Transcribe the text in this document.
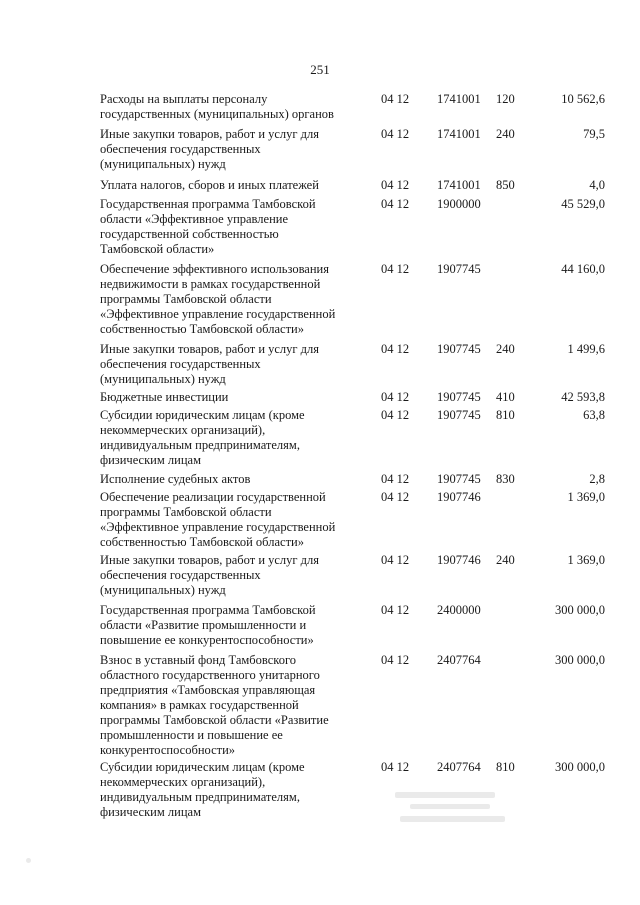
251
Расходы на выплаты персоналу
государственных (муниципальных) органов
04 12 1741001 120	10 562,6
Иные закупки товаров, работ и услуг для
обеспечения государственных
(муниципальных) нужд
04 12 1741001 240	79,5
Уплата налогов, сборов и иных платежей	04 12 1741001 850	4,0
Государственная программа Тамбовской
области «Эффективное управление
государственной собственностью
Тамбовской области»
04 12 1900000	45 529,0
Обеспечение эффективного использования
недвижимости в рамках государственной
программы Тамбовской области
«Эффективное управление государственной
собственностью Тамбовской области»
04 12 1907745	44 160,0
Иные закупки товаров, работ и услуг для
обеспечения государственных
(муниципальных) нужд
04 12 1907745 240	1 499,6
Бюджетные инвестиции	04 12 1907745 410	42 593,8
Субсидии юридическим лицам (кроме
некоммерческих организаций),
индивидуальным предпринимателям,
физическим лицам
04 12 1907745 810	63,8
Исполнение судебных актов	04 12 1907745 830	2,8
Обеспечение реализации государственной
программы Тамбовской области
«Эффективное управление государственной
собственностью Тамбовской области»
04 12 1907746	1 369,0
Иные закупки товаров, работ и услуг для
обеспечения государственных
(муниципальных) нужд
04 12 1907746 240	1 369,0
Государственная программа Тамбовской
области «Развитие промышленности и
повышение ее конкурентоспособности»
04 12 2400000	300 000,0
Взнос в уставный фонд Тамбовского
областного государственного унитарного
предприятия «Тамбовская управляющая
компания» в рамках государственной
программы Тамбовской области «Развитие
промышленности и повышение ее
конкурентоспособности»
04 12 2407764	300 000,0
Субсидии юридическим лицам (кроме
некоммерческих организаций),
индивидуальным предпринимателям,
физическим лицам
04 12 2407764 810	300 000,0
